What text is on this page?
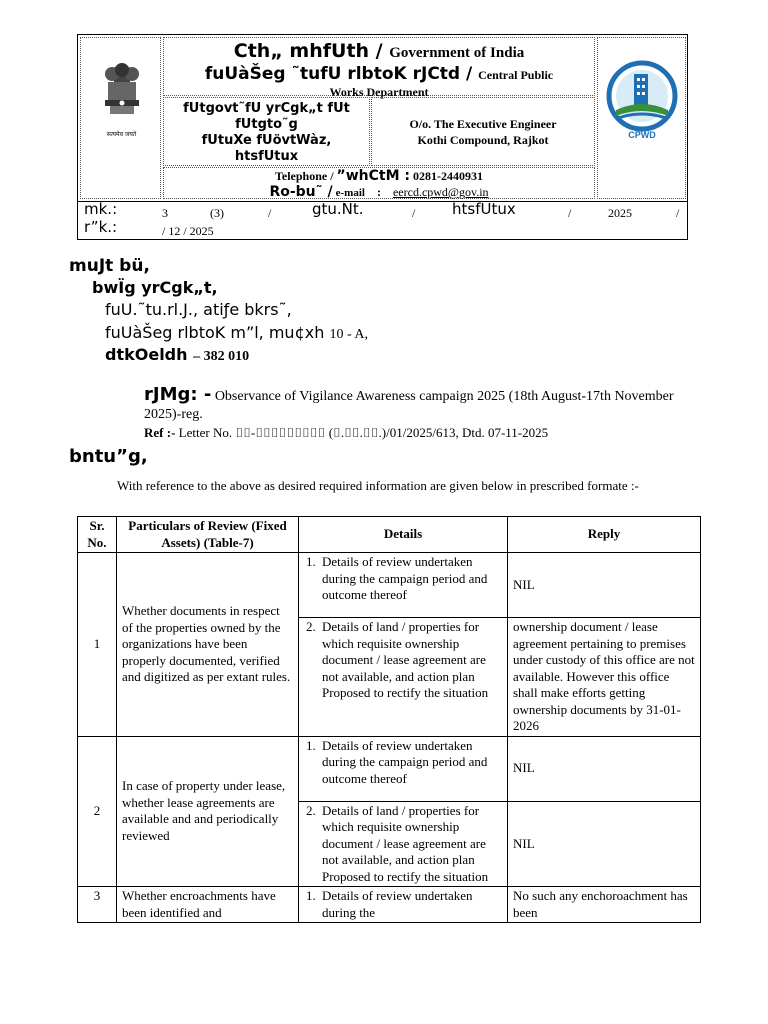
सत्यमेव जयते
Cth„ mhfUth / Government of India
fuUàŠeg ˜tufU rlbtoK rJCtd / Central Public
Works Department
fUtgovt˜fU yrCgk„t fUt
fUtgto˜g
fUtuXe fUövtWàz,
htsfUtux
O/o. The Executive Engineer
Kothi Compound, Rajkot
Telephone / ”whCtM : 0281-2440931
Ro-bu˜ / e-mail : eercd.cpwd@gov.in
CPWD
mk.:	3	(3)	/	gtu.Nt.	/ htsfUtux	/	2025	/
r”k.:	/ 12 / 2025
muJt bü,
bwÏg yrCgk„t,
fuU.˜tu.rl.J., atiƒe bkrs˜,
fuUàŠeg rlbtoK m”l, mu¢xh 10 - A,
dtkOeldh – 382 010
rJMg: - Observance of Vigilance Awareness campaign 2025 (18th August-17th November 2025)-reg.
Ref :- Letter No. ⌷⌷-⌷⌷⌷⌷⌷⌷⌷⌷⌷ (⌷.⌷⌷.⌷⌷.)/01/2025/613, Dtd. 07-11-2025
bntu”g,
With reference to the above as desired required information are given below in prescribed formate :-
Sr. No.	Particulars of Review (Fixed Assets) (Table-7)	Details	Reply
1	Whether documents in respect of the properties owned by the organizations have been properly documented, verified and digitized as per extant rules.	1. Details of review undertaken during the campaign period and outcome thereof	NIL

		2. Details of land / properties for which requisite ownership document / lease agreement are not available, and action plan Proposed to rectify the situation	ownership document / lease agreement pertaining to premises under custody of this office are not available. However this office shall make efforts getting ownership documents by 31-01-2026
2	In case of property under lease, whether lease agreements are available and and periodically reviewed	1. Details of review undertaken during the campaign period and outcome thereof	NIL

		2. Details of land / properties for which requisite ownership document / lease agreement are not available, and action plan Proposed to rectify the situation	NIL
3	Whether encroachments have been identified and	1. Details of review undertaken during the	No such any enchoroachment has been
